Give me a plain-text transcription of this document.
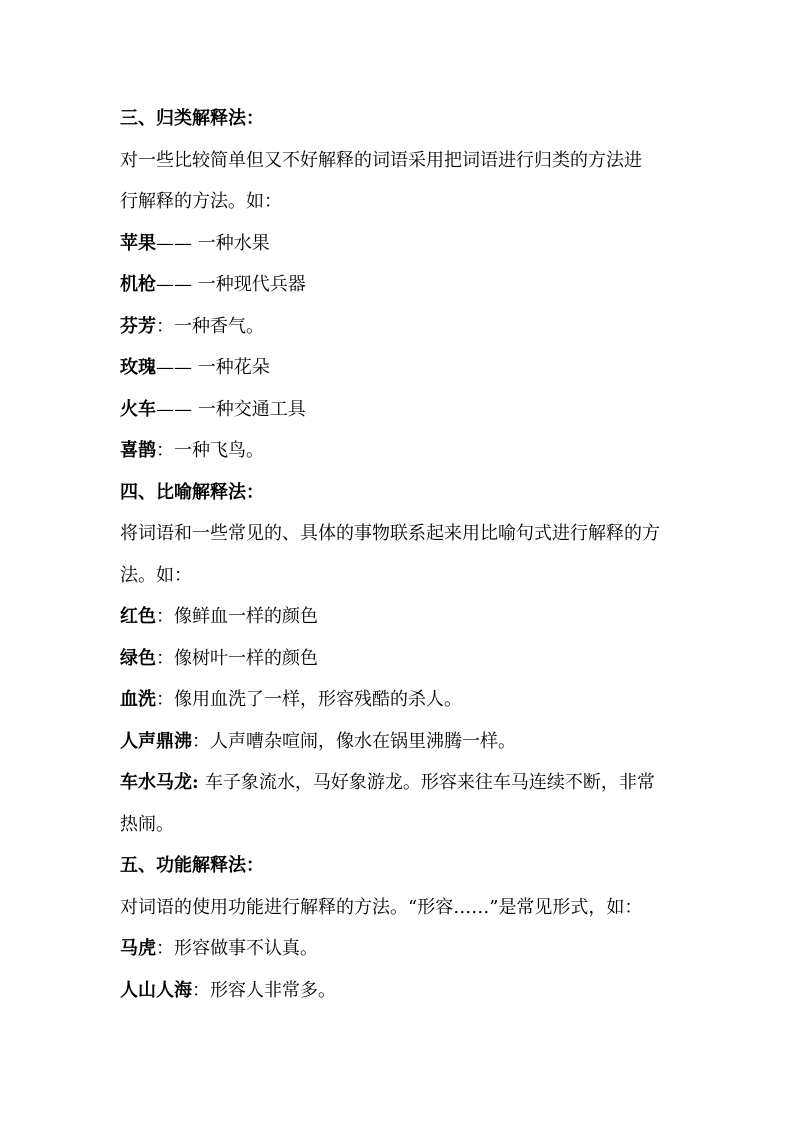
三、归类解释法：
对一些比较简单但又不好解释的词语采用把词语进行归类的方法进
行解释的方法。如：
苹果—— 一种水果
机枪—— 一种现代兵器
芬芳：一种香气。
玫瑰—— 一种花朵
火车—— 一种交通工具
喜鹊：一种飞鸟。
四、比喻解释法：
将词语和一些常见的、具体的事物联系起来用比喻句式进行解释的方
法。如：
红色：像鲜血一样的颜色
绿色：像树叶一样的颜色
血洗：像用血洗了一样，形容残酷的杀人。
人声鼎沸：人声嘈杂喧闹，像水在锅里沸腾一样。
车水马龙: 车子象流水，马好象游龙。形容来往车马连续不断，非常
热闹。
五、功能解释法：
对词语的使用功能进行解释的方法。“形容……”是常见形式，如：
马虎：形容做事不认真。
人山人海：形容人非常多。
